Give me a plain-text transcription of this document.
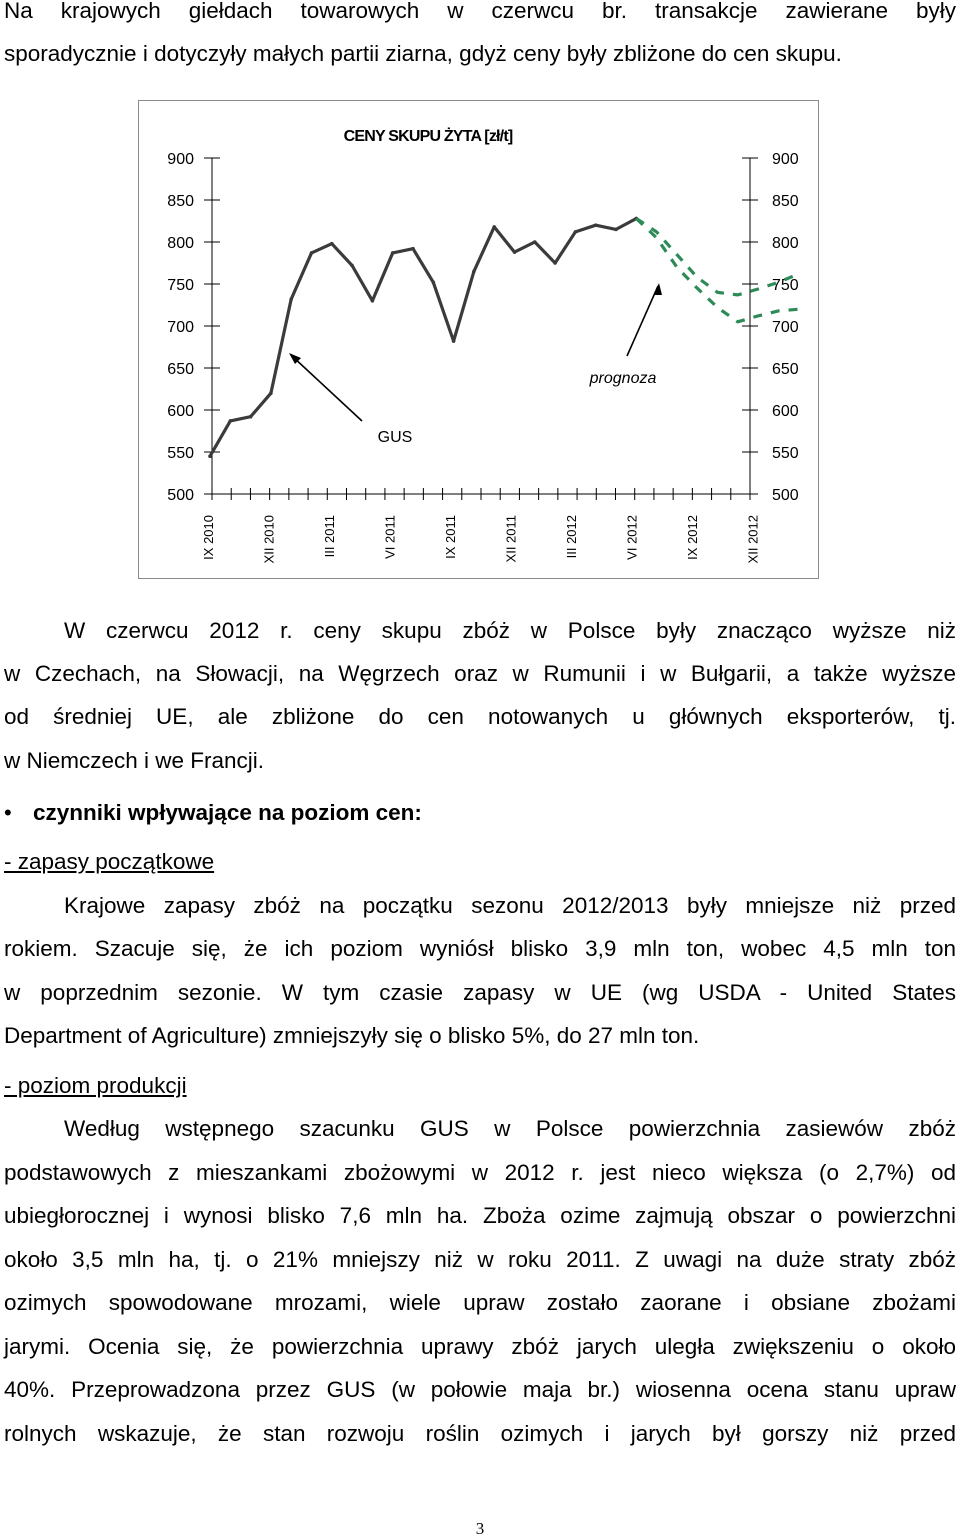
Na krajowych giełdach towarowych w czerwcu br. transakcje zawierane były
sporadycznie i dotyczyły małych partii ziarna, gdyż ceny były zbliżone do cen skupu.
CENY SKUPU ŻYTA [zł/t]
900	900
850	850
800	800
750	750
700	700
650	650
600	600
550	550
500	500
IX 2010	XII 2010	III 2011	VI 2011	IX 2011	XII 2011	III 2012	VI 2012	IX 2012	XII 2012
GUS
prognoza
W czerwcu 2012 r. ceny skupu zbóż w Polsce były znacząco wyższe niż
w Czechach, na Słowacji, na Węgrzech oraz w Rumunii i w Bułgarii, a także wyższe
od średniej UE, ale zbliżone do cen notowanych u głównych eksporterów, tj.
w Niemczech i we Francji.
• czynniki wpływające na poziom cen:
- zapasy początkowe
Krajowe zapasy zbóż na początku sezonu 2012/2013 były mniejsze niż przed
rokiem. Szacuje się, że ich poziom wyniósł blisko 3,9 mln ton, wobec 4,5 mln ton
w poprzednim sezonie. W tym czasie zapasy w UE (wg USDA - United States
Department of Agriculture) zmniejszyły się o blisko 5%, do 27 mln ton.
- poziom produkcji
Według wstępnego szacunku GUS w Polsce powierzchnia zasiewów zbóż
podstawowych z mieszankami zbożowymi w 2012 r. jest nieco większa (o 2,7%) od
ubiegłorocznej i wynosi blisko 7,6 mln ha. Zboża ozime zajmują obszar o powierzchni
około 3,5 mln ha, tj. o 21% mniejszy niż w roku 2011. Z uwagi na duże straty zbóż
ozimych spowodowane mrozami, wiele upraw zostało zaorane i obsiane zbożami
jarymi. Ocenia się, że powierzchnia uprawy zbóż jarych uległa zwiększeniu o około
40%. Przeprowadzona przez GUS (w połowie maja br.) wiosenna ocena stanu upraw
rolnych wskazuje, że stan rozwoju roślin ozimych i jarych był gorszy niż przed
3
